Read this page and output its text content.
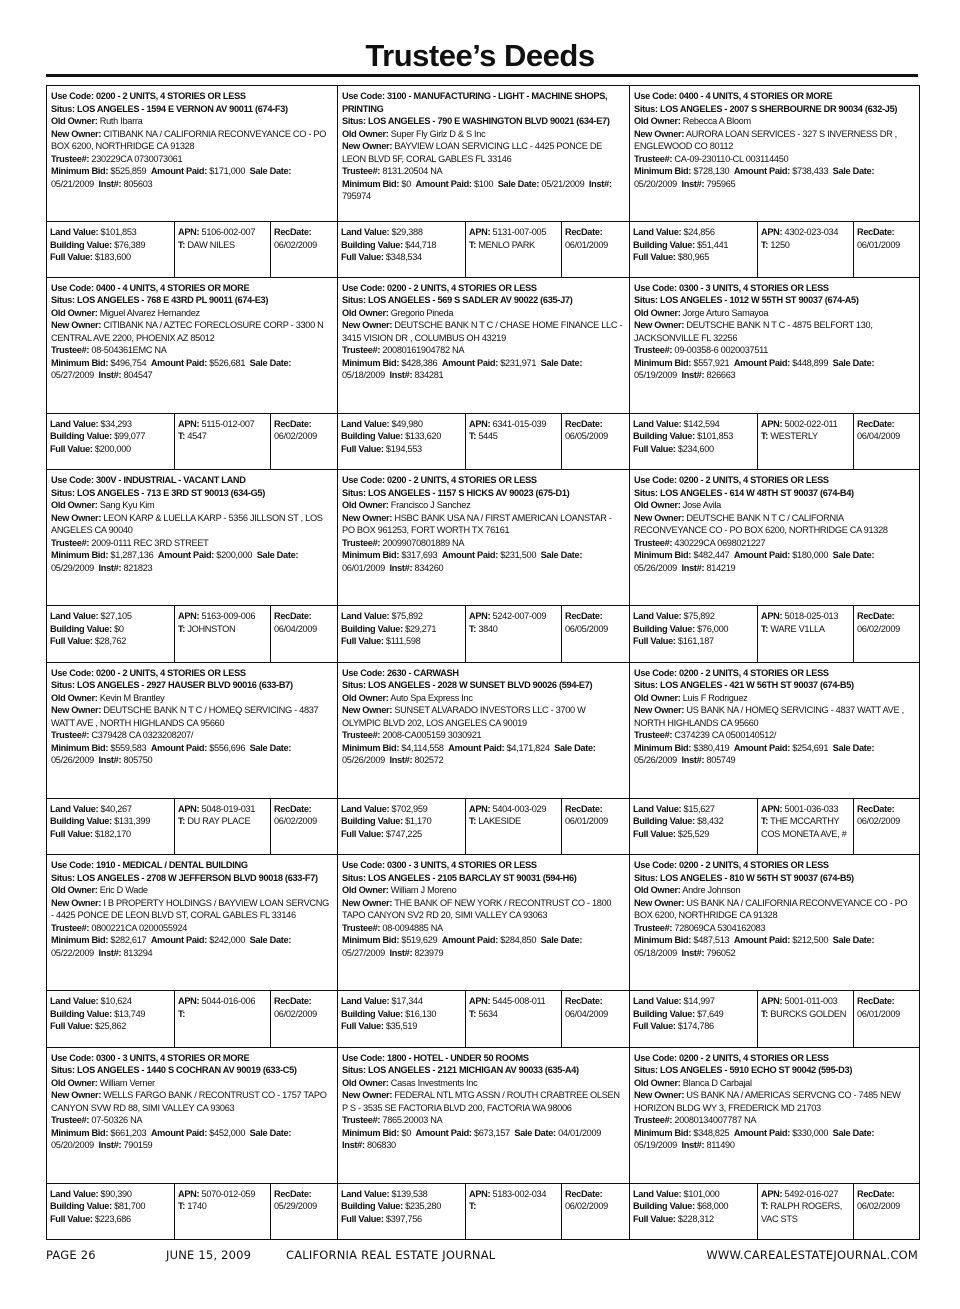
Trustee’s Deeds
Use Code: 0200 - 2 UNITS, 4 STORIES OR LESS
Situs: LOS ANGELES - 1594 E VERNON AV 90011 (674-F3)
Old Owner: Ruth Ibarra
New Owner: CITIBANK NA / CALIFORNIA RECONVEYANCE CO - PO BOX 6200, NORTHRIDGE CA 91328
Trustee#: 230229CA 0730073061
Minimum Bid: $525,859 Amount Paid: $171,000 Sale Date: 05/21/2009 Inst#: 805603
Land Value: $101,853
Building Value: $76,389
Full Value: $183,600
APN: 5106-002-007
T: DAW NILES
RecDate:
06/02/2009
Use Code: 3100 - MANUFACTURING - LIGHT - MACHINE SHOPS, PRINTING
Situs: LOS ANGELES - 790 E WASHINGTON BLVD 90021 (634-E7)
Old Owner: Super Fly Girlz D & S Inc
New Owner: BAYVIEW LOAN SERVICING LLC - 4425 PONCE DE LEON BLVD 5F, CORAL GABLES FL 33146
Trustee#: 8131.20504 NA
Minimum Bid: $0 Amount Paid: $100 Sale Date: 05/21/2009 Inst#: 795974
Land Value: $29,388
Building Value: $44,718
Full Value: $348,534
APN: 5131-007-005
T: MENLO PARK
RecDate:
06/01/2009
Use Code: 0400 - 4 UNITS, 4 STORIES OR MORE
Situs: LOS ANGELES - 2007 S SHERBOURNE DR 90034 (632-J5)
Old Owner: Rebecca A Bloom
New Owner: AURORA LOAN SERVICES - 327 S INVERNESS DR , ENGLEWOOD CO 80112
Trustee#: CA-09-230110-CL 003114450
Minimum Bid: $728,130 Amount Paid: $738,433 Sale Date: 05/20/2009 Inst#: 795965
Land Value: $24,856
Building Value: $51,441
Full Value: $80,965
APN: 4302-023-034
T: 1250
RecDate:
06/01/2009
Use Code: 0400 - 4 UNITS, 4 STORIES OR MORE
Situs: LOS ANGELES - 768 E 43RD PL 90011 (674-E3)
Old Owner: Miguel Alvarez Hernandez
New Owner: CITIBANK NA / AZTEC FORECLOSURE CORP - 3300 N CENTRAL AVE 2200, PHOENIX AZ 85012
Trustee#: 08-504361EMC NA
Minimum Bid: $496,754 Amount Paid: $526,681 Sale Date: 05/27/2009 Inst#: 804547
Land Value: $34,293
Building Value: $99,077
Full Value: $200,000
APN: 5115-012-007
T: 4547
RecDate:
06/02/2009
Use Code: 0200 - 2 UNITS, 4 STORIES OR LESS
Situs: LOS ANGELES - 569 S SADLER AV 90022 (635-J7)
Old Owner: Gregorio Pineda
New Owner: DEUTSCHE BANK N T C / CHASE HOME FINANCE LLC - 3415 VISION DR , COLUMBUS OH 43219
Trustee#: 20080161904782 NA
Minimum Bid: $428,386 Amount Paid: $231,971 Sale Date: 05/18/2009 Inst#: 834281
Land Value: $49,980
Building Value: $133,620
Full Value: $194,553
APN: 6341-015-039
T: 5445
RecDate:
06/05/2009
Use Code: 0300 - 3 UNITS, 4 STORIES OR LESS
Situs: LOS ANGELES - 1012 W 55TH ST 90037 (674-A5)
Old Owner: Jorge Arturo Samayoa
New Owner: DEUTSCHE BANK N T C - 4875 BELFORT 130, JACKSONVILLE FL 32256
Trustee#: 09-00358-6 0020037511
Minimum Bid: $557,921 Amount Paid: $448,899 Sale Date: 05/19/2009 Inst#: 826663
Land Value: $142,594
Building Value: $101,853
Full Value: $234,600
APN: 5002-022-011
T: WESTERLY
RecDate:
06/04/2009
Use Code: 300V - INDUSTRIAL - VACANT LAND
Situs: LOS ANGELES - 713 E 3RD ST 90013 (634-G5)
Old Owner: Sang Kyu Kim
New Owner: LEON KARP & LUELLA KARP - 5356 JILLSON ST , LOS ANGELES CA 90040
Trustee#: 2009-0111 REC 3RD STREET
Minimum Bid: $1,287,136 Amount Paid: $200,000 Sale Date: 05/29/2009 Inst#: 821823
Land Value: $27,105
Building Value: $0
Full Value: $28,762
APN: 5163-009-006
T: JOHNSTON
RecDate:
06/04/2009
Use Code: 0200 - 2 UNITS, 4 STORIES OR LESS
Situs: LOS ANGELES - 1157 S HICKS AV 90023 (675-D1)
Old Owner: Francisco J Sanchez
New Owner: HSBC BANK USA NA / FIRST AMERICAN LOANSTAR - PO BOX 961253, FORT WORTH TX 76161
Trustee#: 20099070801889 NA
Minimum Bid: $317,693 Amount Paid: $231,500 Sale Date: 06/01/2009 Inst#: 834260
Land Value: $75,892
Building Value: $29,271
Full Value: $111,598
APN: 5242-007-009
T: 3840
RecDate:
06/05/2009
Use Code: 0200 - 2 UNITS, 4 STORIES OR LESS
Situs: LOS ANGELES - 614 W 48TH ST 90037 (674-B4)
Old Owner: Jose Avila
New Owner: DEUTSCHE BANK N T C / CALIFORNIA RECONVEYANCE CO - PO BOX 6200, NORTHRIDGE CA 91328
Trustee#: 430229CA 0698021227
Minimum Bid: $482,447 Amount Paid: $180,000 Sale Date: 05/26/2009 Inst#: 814219
Land Value: $75,892
Building Value: $76,000
Full Value: $161,187
APN: 5018-025-013
T: WARE V1LLA
RecDate:
06/02/2009
Use Code: 0200 - 2 UNITS, 4 STORIES OR LESS
Situs: LOS ANGELES - 2927 HAUSER BLVD 90016 (633-B7)
Old Owner: Kevin M Brantley
New Owner: DEUTSCHE BANK N T C / HOMEQ SERVICING - 4837 WATT AVE , NORTH HIGHLANDS CA 95660
Trustee#: C379428 CA 0323208207/
Minimum Bid: $559,583 Amount Paid: $556,696 Sale Date: 05/26/2009 Inst#: 805750
Land Value: $40,267
Building Value: $131,399
Full Value: $182,170
APN: 5048-019-031
T: DU RAY PLACE
RecDate:
06/02/2009
Use Code: 2630 - CARWASH
Situs: LOS ANGELES - 2028 W SUNSET BLVD 90026 (594-E7)
Old Owner: Auto Spa Express Inc
New Owner: SUNSET ALVARADO INVESTORS LLC - 3700 W OLYMPIC BLVD 202, LOS ANGELES CA 90019
Trustee#: 2008-CA005159 3030921
Minimum Bid: $4,114,558 Amount Paid: $4,171,824 Sale Date: 05/26/2009 Inst#: 802572
Land Value: $702,959
Building Value: $1,170
Full Value: $747,225
APN: 5404-003-029
T: LAKESIDE
RecDate:
06/01/2009
Use Code: 0200 - 2 UNITS, 4 STORIES OR LESS
Situs: LOS ANGELES - 421 W 56TH ST 90037 (674-B5)
Old Owner: Luis F Rodriguez
New Owner: US BANK NA / HOMEQ SERVICING - 4837 WATT AVE , NORTH HIGHLANDS CA 95660
Trustee#: C374239 CA 0500140512/
Minimum Bid: $380,419 Amount Paid: $254,691 Sale Date: 05/26/2009 Inst#: 805749
Land Value: $15,627
Building Value: $8,432
Full Value: $25,529
APN: 5001-036-033
T: THE MCCARTHY COS MONETA AVE, #
RecDate:
06/02/2009
Use Code: 1910 - MEDICAL / DENTAL BUILDING
Situs: LOS ANGELES - 2708 W JEFFERSON BLVD 90018 (633-F7)
Old Owner: Eric D Wade
New Owner: I B PROPERTY HOLDINGS / BAYVIEW LOAN SERVCNG - 4425 PONCE DE LEON BLVD ST, CORAL GABLES FL 33146
Trustee#: 0800221CA 0200055924
Minimum Bid: $282,617 Amount Paid: $242,000 Sale Date: 05/22/2009 Inst#: 813294
Land Value: $10,624
Building Value: $13,749
Full Value: $25,862
APN: 5044-016-006
T:
RecDate:
06/02/2009
Use Code: 0300 - 3 UNITS, 4 STORIES OR LESS
Situs: LOS ANGELES - 2105 BARCLAY ST 90031 (594-H6)
Old Owner: William J Moreno
New Owner: THE BANK OF NEW YORK / RECONTRUST CO - 1800 TAPO CANYON SV2 RD 20, SIMI VALLEY CA 93063
Trustee#: 08-0094885 NA
Minimum Bid: $519,629 Amount Paid: $284,850 Sale Date: 05/27/2009 Inst#: 823979
Land Value: $17,344
Building Value: $16,130
Full Value: $35,519
APN: 5445-008-011
T: 5634
RecDate:
06/04/2009
Use Code: 0200 - 2 UNITS, 4 STORIES OR LESS
Situs: LOS ANGELES - 810 W 56TH ST 90037 (674-B5)
Old Owner: Andre Johnson
New Owner: US BANK NA / CALIFORNIA RECONVEYANCE CO - PO BOX 6200, NORTHRIDGE CA 91328
Trustee#: 728069CA 5304162083
Minimum Bid: $487,513 Amount Paid: $212,500 Sale Date: 05/18/2009 Inst#: 796052
Land Value: $14,997
Building Value: $7,649
Full Value: $174,786
APN: 5001-011-003
T: BURCKS GOLDEN
RecDate:
06/01/2009
Use Code: 0300 - 3 UNITS, 4 STORIES OR MORE
Situs: LOS ANGELES - 1440 S COCHRAN AV 90019 (633-C5)
Old Owner: William Verner
New Owner: WELLS FARGO BANK / RECONTRUST CO - 1757 TAPO CANYON SVW RD 88, SIMI VALLEY CA 93063
Trustee#: 07-50326 NA
Minimum Bid: $661,203 Amount Paid: $452,000 Sale Date: 05/20/2009 Inst#: 790159
Land Value: $90,390
Building Value: $81,700
Full Value: $223,686
APN: 5070-012-059
T: 1740
RecDate:
05/29/2009
Use Code: 1800 - HOTEL - UNDER 50 ROOMS
Situs: LOS ANGELES - 2121 MICHIGAN AV 90033 (635-A4)
Old Owner: Casas Investments Inc
New Owner: FEDERAL NTL MTG ASSN / ROUTH CRABTREE OLSEN P S - 3535 SE FACTORIA BLVD 200, FACTORIA WA 98006
Trustee#: 7865.20003 NA
Minimum Bid: $0 Amount Paid: $673,157 Sale Date: 04/01/2009  Inst#: 806830
Land Value: $139,538
Building Value: $235,280
Full Value: $397,756
APN: 5183-002-034
T:
RecDate:
06/02/2009
Use Code: 0200 - 2 UNITS, 4 STORIES OR LESS
Situs: LOS ANGELES - 5910 ECHO ST 90042 (595-D3)
Old Owner: Blanca D Carbajal
New Owner: US BANK NA / AMERICAS SERVCNG CO - 7485 NEW HORIZON BLDG WY 3, FREDERICK MD 21703
Trustee#: 20080134007787 NA
Minimum Bid: $348,825 Amount Paid: $330,000 Sale Date: 05/19/2009 Inst#: 811490
Land Value: $101,000
Building Value: $68,000
Full Value: $228,312
APN: 5492-016-027
T: RALPH ROGERS, VAC STS
RecDate:
06/02/2009
PAGE 26	JUNE 15, 2009	CALIFORNIA REAL ESTATE JOURNAL	WWW.CAREALESTATEJOURNAL.COM
